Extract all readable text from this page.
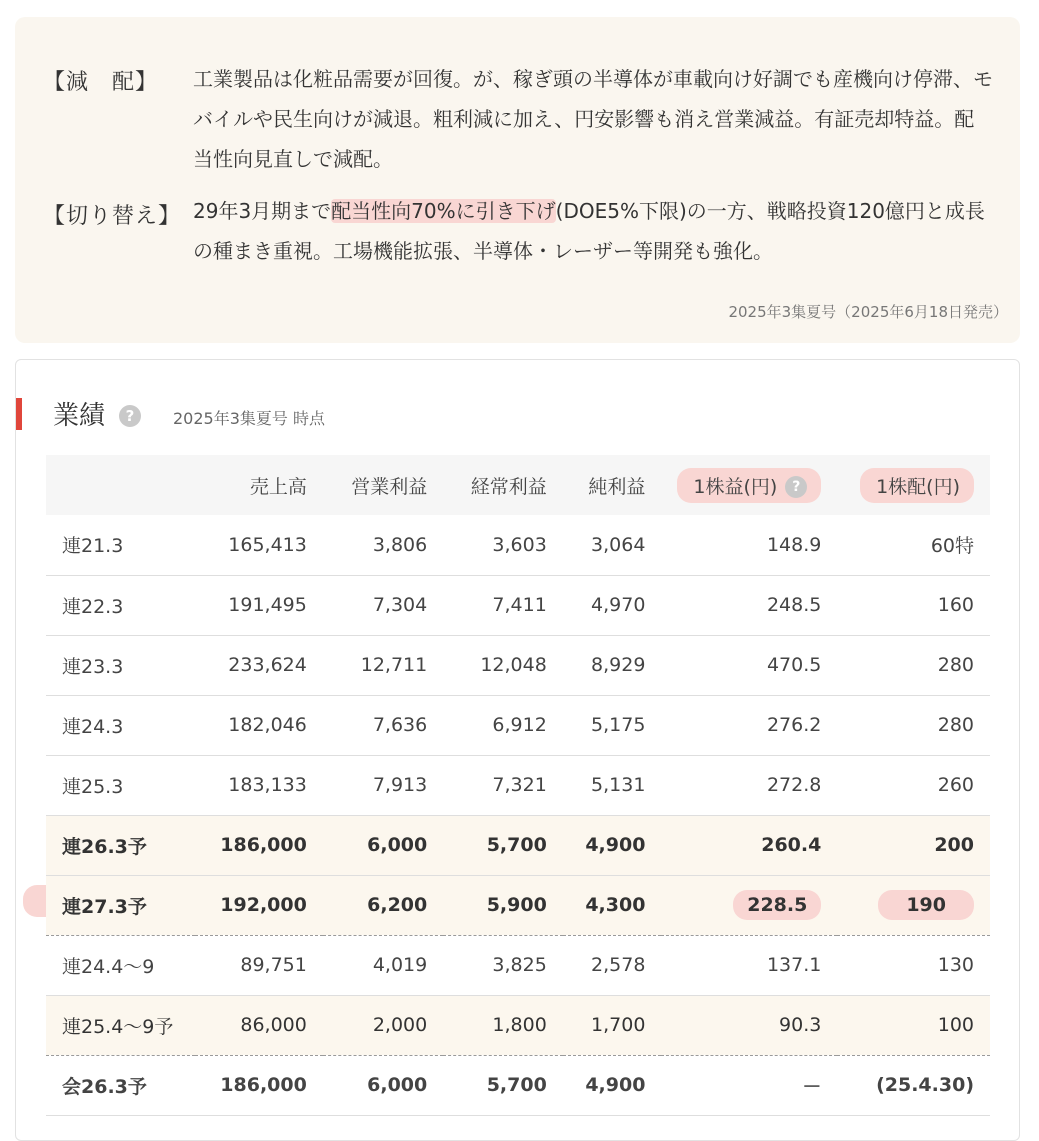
【減　配】 工業製品は化粧品需要が回復。が、稼ぎ頭の半導体が車載向け好調でも産機向け停滞、モバイルや民生向けが減退。粗利減に加え、円安影響も消え営業減益。有証売却特益。配当性向見直しで減配。
【切り替え】 29年3月期まで配当性向70%に引き下げ(DOE5%下限)の一方、戦略投資120億円と成長の種まき重視。工場機能拡張、半導体・レーザー等開発も強化。
2025年3集夏号（2025年6月18日発売）
業績	?	2025年3集夏号 時点
	売上高	営業利益	経常利益	純利益	1株益(円) ?	1株配(円)
連21.3	165,413	3,806	3,603	3,064	148.9	60特
連22.3	191,495	7,304	7,411	4,970	248.5	160
連23.3	233,624	12,711	12,048	8,929	470.5	280
連24.3	182,046	7,636	6,912	5,175	276.2	280
連25.3	183,133	7,913	7,321	5,131	272.8	260
連26.3予	186,000	6,000	5,700	4,900	260.4	200
連27.3予	192,000	6,200	5,900	4,300	228.5	190
連24.4〜9	89,751	4,019	3,825	2,578	137.1	130
連25.4〜9予	86,000	2,000	1,800	1,700	90.3	100
会26.3予	186,000	6,000	5,700	4,900	－	(25.4.30)
